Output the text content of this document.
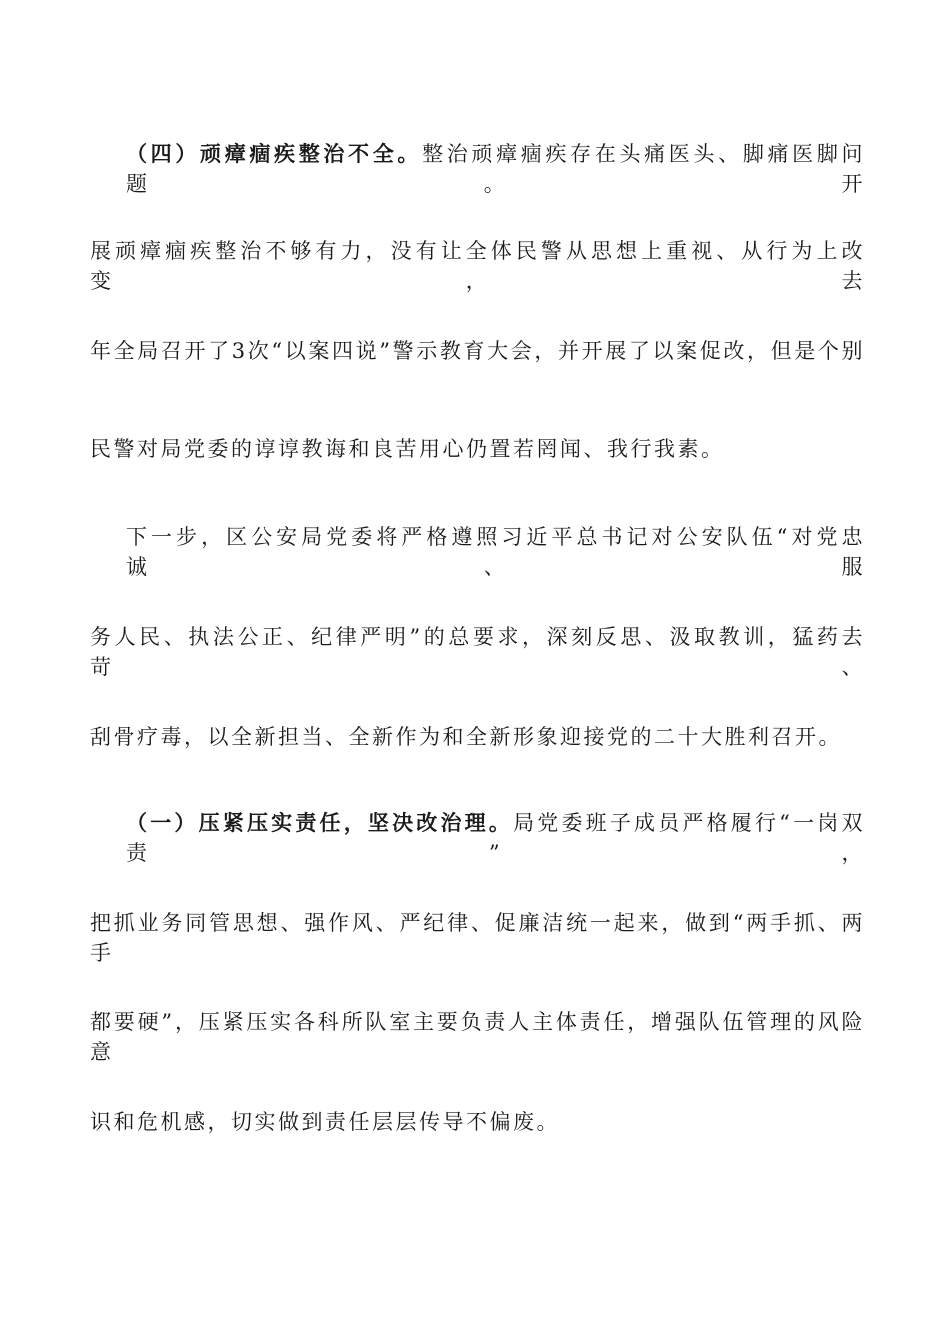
（四）顽瘴痼疾整治不全。整治顽瘴痼疾存在头痛医头、脚痛医脚问题。开
展顽瘴痼疾整治不够有力，没有让全体民警从思想上重视、从行为上改变，去
年全局召开了3次“以案四说”警示教育大会，并开展了以案促改，但是个别
民警对局党委的谆谆教诲和良苦用心仍置若罔闻、我行我素。
下一步，区公安局党委将严格遵照习近平总书记对公安队伍“对党忠诚、服
务人民、执法公正、纪律严明”的总要求，深刻反思、汲取教训，猛药去苛、
刮骨疗毒，以全新担当、全新作为和全新形象迎接党的二十大胜利召开。
（一）压紧压实责任，坚决改治理。局党委班子成员严格履行“一岗双责”，
把抓业务同管思想、强作风、严纪律、促廉洁统一起来，做到“两手抓、两手
都要硬”，压紧压实各科所队室主要负责人主体责任，增强队伍管理的风险意
识和危机感，切实做到责任层层传导不偏废。
